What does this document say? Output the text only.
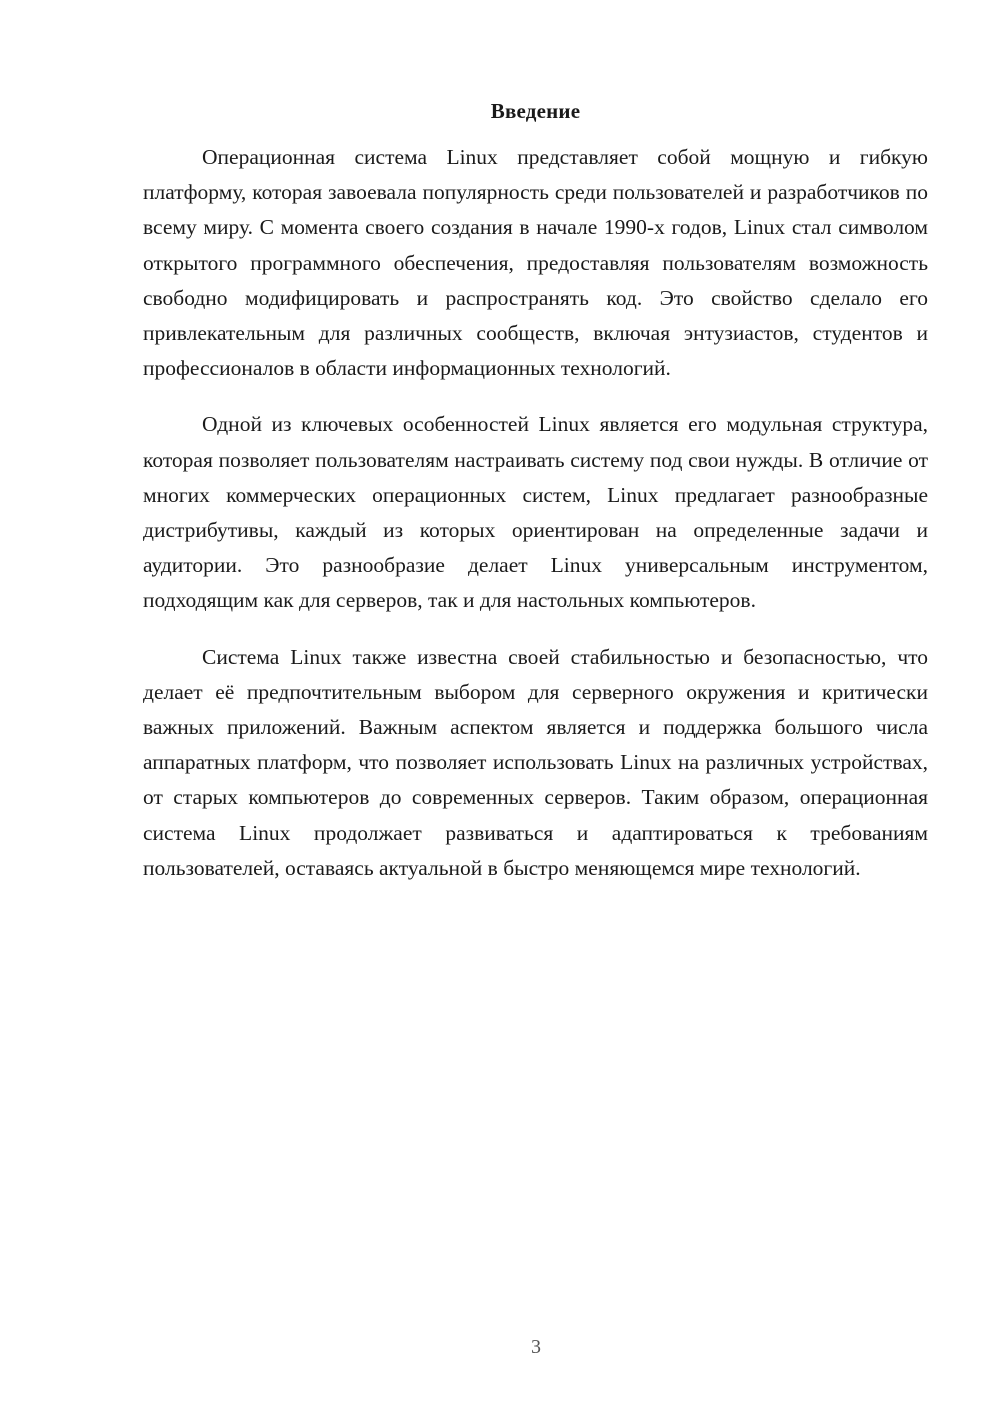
Введение

Операционная система Linux представляет собой мощную и гибкую платформу, которая завоевала популярность среди пользователей и разработчиков по всему миру. С момента своего создания в начале 1990-х годов, Linux стал символом открытого программного обеспечения, предоставляя пользователям возможность свободно модифицировать и распространять код. Это свойство сделало его привлекательным для различных сообществ, включая энтузиастов, студентов и профессионалов в области информационных технологий.

Одной из ключевых особенностей Linux является его модульная структура, которая позволяет пользователям настраивать систему под свои нужды. В отличие от многих коммерческих операционных систем, Linux предлагает разнообразные дистрибутивы, каждый из которых ориентирован на определенные задачи и аудитории. Это разнообразие делает Linux универсальным инструментом, подходящим как для серверов, так и для настольных компьютеров.

Система Linux также известна своей стабильностью и безопасностью, что делает её предпочтительным выбором для серверного окружения и критически важных приложений. Важным аспектом является и поддержка большого числа аппаратных платформ, что позволяет использовать Linux на различных устройствах, от старых компьютеров до современных серверов. Таким образом, операционная система Linux продолжает развиваться и адаптироваться к требованиям пользователей, оставаясь актуальной в быстро меняющемся мире технологий.

3
